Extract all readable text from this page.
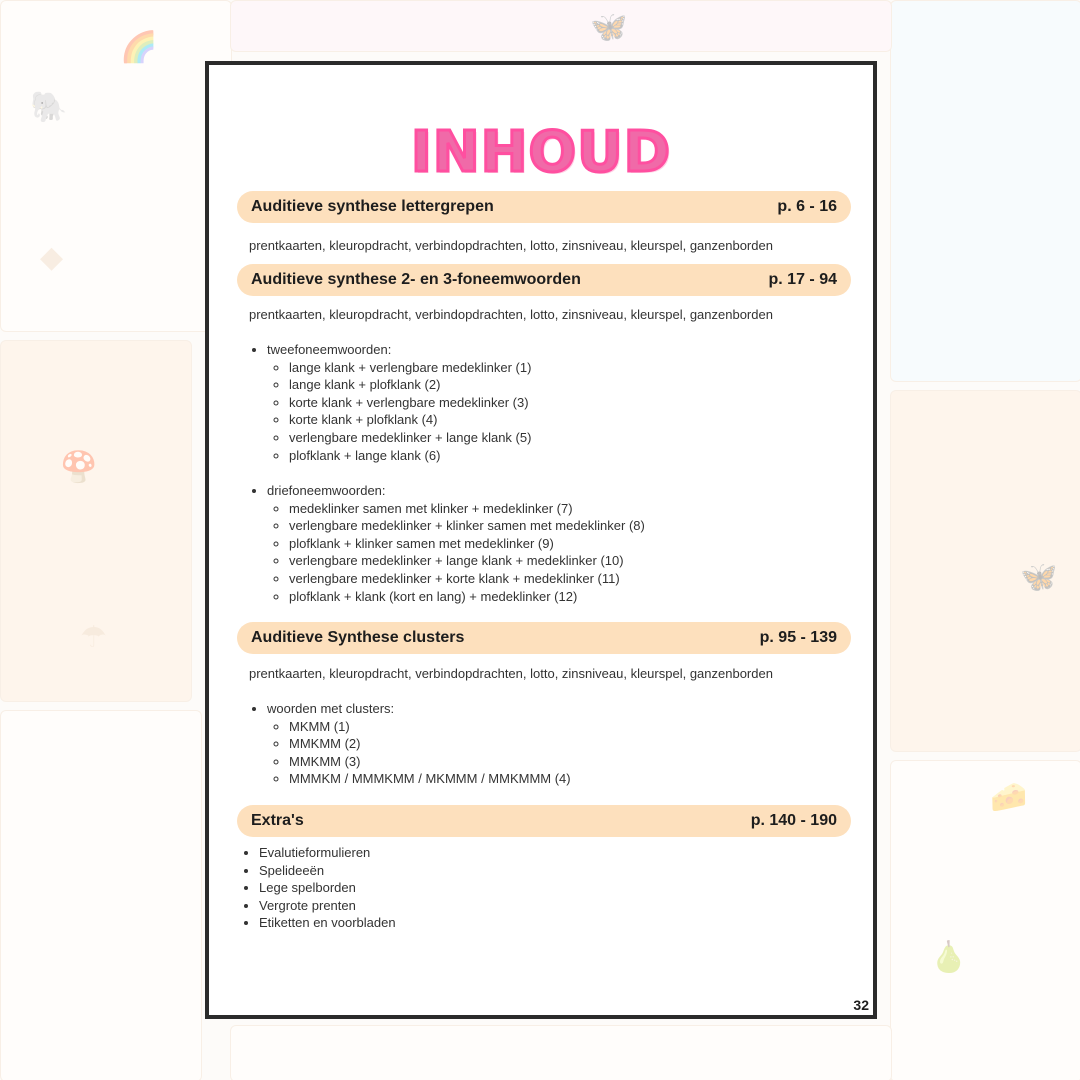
INHOUD
Auditieve synthese lettergrepen	p. 6 - 16
prentkaarten, kleuropdracht, verbindopdrachten, lotto, zinsniveau, kleurspel, ganzenborden
Auditieve synthese 2- en 3-foneemwoorden	p. 17 - 94
prentkaarten, kleuropdracht, verbindopdrachten, lotto, zinsniveau, kleurspel, ganzenborden
• tweefoneemwoorden:
◦ lange klank + verlengbare medeklinker (1)
◦ lange klank + plofklank (2)
◦ korte klank + verlengbare medeklinker (3)
◦ korte klank + plofklank (4)
◦ verlengbare medeklinker + lange klank (5)
◦ plofklank + lange klank (6)
• driefoneemwoorden:
◦ medeklinker samen met klinker + medeklinker (7)
◦ verlengbare medeklinker + klinker samen met medeklinker (8)
◦ plofklank + klinker samen met medeklinker (9)
◦ verlengbare medeklinker + lange klank + medeklinker (10)
◦ verlengbare medeklinker + korte klank + medeklinker (11)
◦ plofklank + klank (kort en lang) + medeklinker (12)
Auditieve Synthese clusters	p. 95 - 139
prentkaarten, kleuropdracht, verbindopdrachten, lotto, zinsniveau, kleurspel, ganzenborden
• woorden met clusters:
◦ MKMM (1)
◦ MMKMM (2)
◦ MMKMM (3)
◦ MMMKM / MMMKMM / MKMMM / MMKMMM (4)
Extra's	p. 140 - 190
• Evalutieformulieren
• Spelideeën
• Lege spelborden
• Vergrote prenten
• Etiketten en voorbladen
32
